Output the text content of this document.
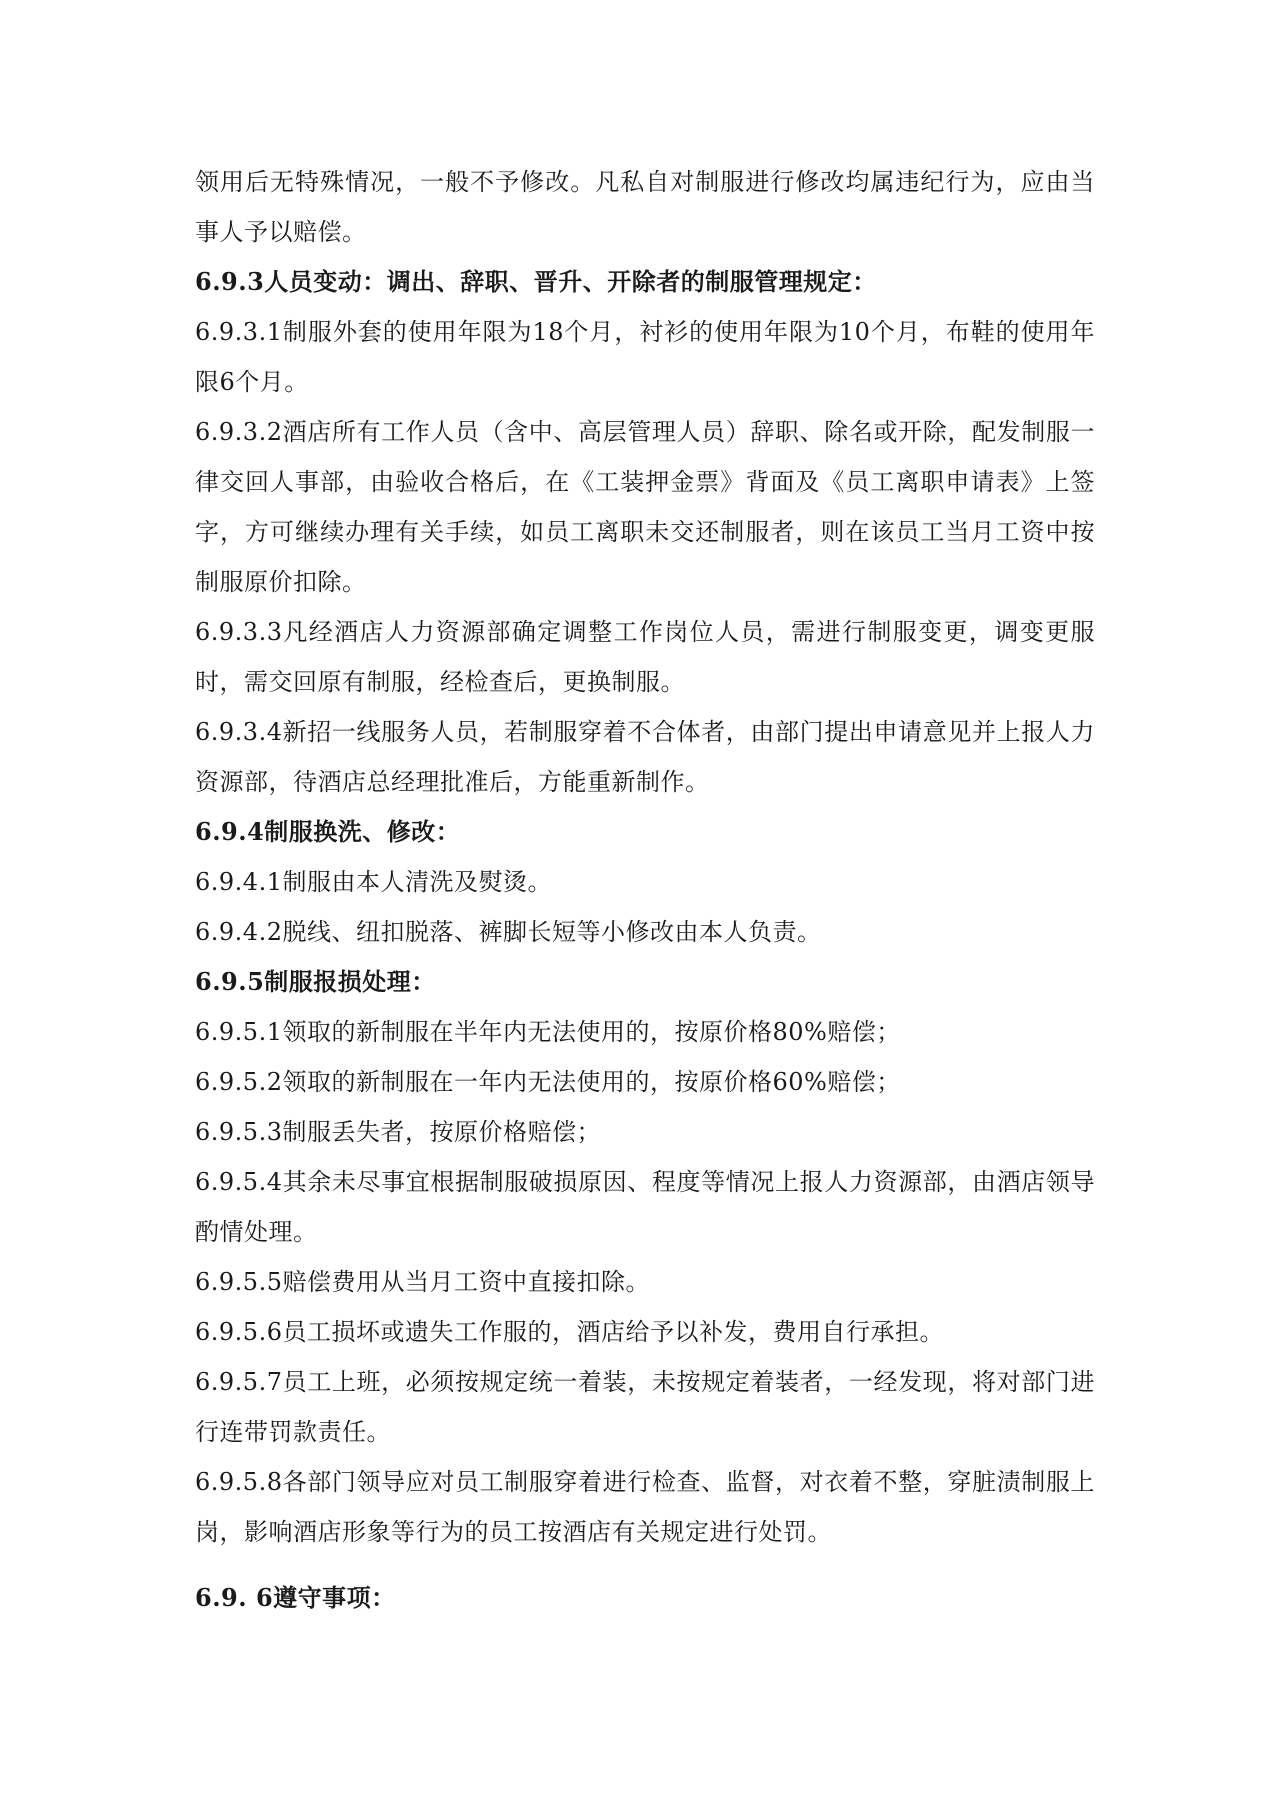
领用后无特殊情况，一般不予修改。凡私自对制服进行修改均属违纪行为，应由当事人予以赔偿。

6.9.3人员变动：调出、辞职、晋升、开除者的制服管理规定：

6.9.3.1制服外套的使用年限为18个月，衬衫的使用年限为10个月，布鞋的使用年限6个月。

6.9.3.2酒店所有工作人员（含中、高层管理人员）辞职、除名或开除，配发制服一律交回人事部，由验收合格后，在《工装押金票》背面及《员工离职申请表》上签字，方可继续办理有关手续，如员工离职未交还制服者，则在该员工当月工资中按制服原价扣除。

6.9.3.3凡经酒店人力资源部确定调整工作岗位人员，需进行制服变更，调变更服时，需交回原有制服，经检查后，更换制服。

6.9.3.4新招一线服务人员，若制服穿着不合体者，由部门提出申请意见并上报人力资源部，待酒店总经理批准后，方能重新制作。

6.9.4制服换洗、修改：

6.9.4.1制服由本人清洗及熨烫。

6.9.4.2脱线、纽扣脱落、裤脚长短等小修改由本人负责。

6.9.5制服报损处理：

6.9.5.1领取的新制服在半年内无法使用的，按原价格80%赔偿；

6.9.5.2领取的新制服在一年内无法使用的，按原价格60%赔偿；

6.9.5.3制服丢失者，按原价格赔偿；

6.9.5.4其余未尽事宜根据制服破损原因、程度等情况上报人力资源部，由酒店领导酌情处理。

6.9.5.5赔偿费用从当月工资中直接扣除。

6.9.5.6员工损坏或遗失工作服的，酒店给予以补发，费用自行承担。

6.9.5.7员工上班，必须按规定统一着装，未按规定着装者，一经发现，将对部门进行连带罚款责任。

6.9.5.8各部门领导应对员工制服穿着进行检查、监督，对衣着不整，穿脏渍制服上岗，影响酒店形象等行为的员工按酒店有关规定进行处罚。

6.9. 6遵守事项：
